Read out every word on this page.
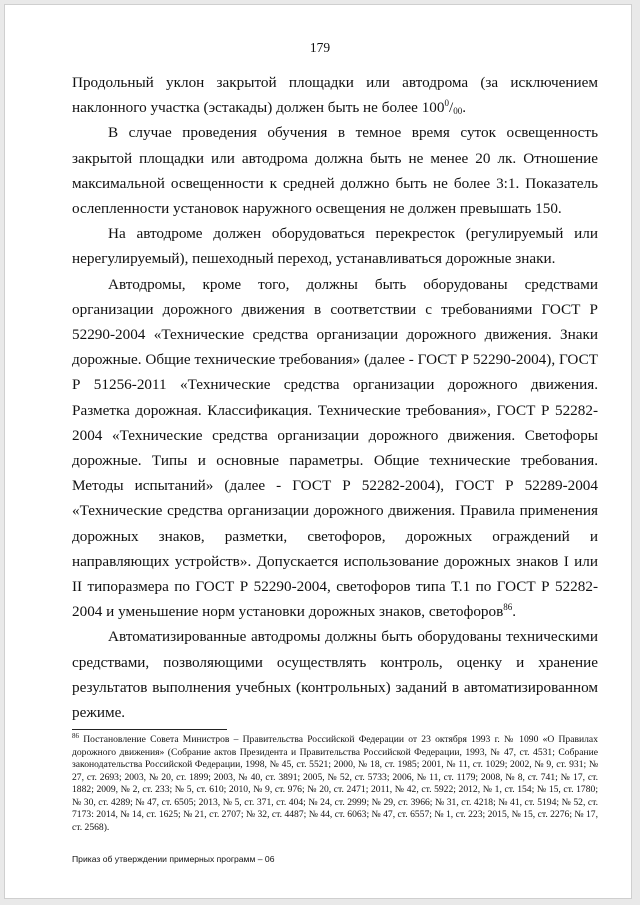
179

Продольный уклон закрытой площадки или автодрома (за исключением наклонного участка (эстакады) должен быть не более $100^0/_{00}$.

В случае проведения обучения в темное время суток освещенность закрытой площадки или автодрома должна быть не менее 20 лк. Отношение максимальной освещенности к средней должно быть не более 3:1. Показатель ослепленности установок наружного освещения не должен превышать 150.

На автодроме должен оборудоваться перекресток (регулируемый или нерегулируемый), пешеходный переход, устанавливаться дорожные знаки.

Автодромы, кроме того, должны быть оборудованы средствами организации дорожного движения в соответствии с требованиями ГОСТ Р 52290-2004 «Технические средства организации дорожного движения. Знаки дорожные. Общие технические требования» (далее - ГОСТ Р 52290-2004), ГОСТ Р 51256-2011 «Технические средства организации дорожного движения. Разметка дорожная. Классификация. Технические требования», ГОСТ Р 52282-2004 «Технические средства организации дорожного движения. Светофоры дорожные. Типы и основные параметры. Общие технические требования. Методы испытаний» (далее - ГОСТ Р 52282-2004), ГОСТ Р 52289-2004 «Технические средства организации дорожного движения. Правила применения дорожных знаков, разметки, светофоров, дорожных ограждений и направляющих устройств». Допускается использование дорожных знаков I или II типоразмера по ГОСТ Р 52290-2004, светофоров типа Т.1 по ГОСТ Р 52282-2004 и уменьшение норм установки дорожных знаков, светофоров$^{86}$.

Автоматизированные автодромы должны быть оборудованы техническими средствами, позволяющими осуществлять контроль, оценку и хранение результатов выполнения учебных (контрольных) заданий в автоматизированном режиме.

$^{86}$ Постановление Совета Министров – Правительства Российской Федерации от 23 октября 1993 г. № 1090 «О Правилах дорожного движения» (Собрание актов Президента и Правительства Российской Федерации, 1993, № 47, ст. 4531; Собрание законодательства Российской Федерации, 1998, № 45, ст. 5521; 2000, № 18, ст. 1985; 2001, № 11, ст. 1029; 2002, № 9, ст. 931; № 27, ст. 2693; 2003, № 20, ст. 1899; 2003, № 40, ст. 3891; 2005, № 52, ст. 5733; 2006, № 11, ст. 1179; 2008, № 8, ст. 741; № 17, ст. 1882; 2009, № 2, ст. 233; № 5, ст. 610; 2010, № 9, ст. 976; № 20, ст. 2471; 2011, № 42, ст. 5922; 2012, № 1, ст. 154; № 15, ст. 1780; № 30, ст. 4289; № 47, ст. 6505; 2013, № 5, ст. 371, ст. 404; № 24, ст. 2999; № 29, ст. 3966; № 31, ст. 4218; № 41, ст. 5194; № 52, ст. 7173: 2014, № 14, ст. 1625; № 21, ст. 2707; № 32, ст. 4487; № 44, ст. 6063; № 47, ст. 6557; № 1, ст. 223; 2015, № 15, ст. 2276; № 17, ст. 2568).
Приказ об утверждении примерных программ – 06
